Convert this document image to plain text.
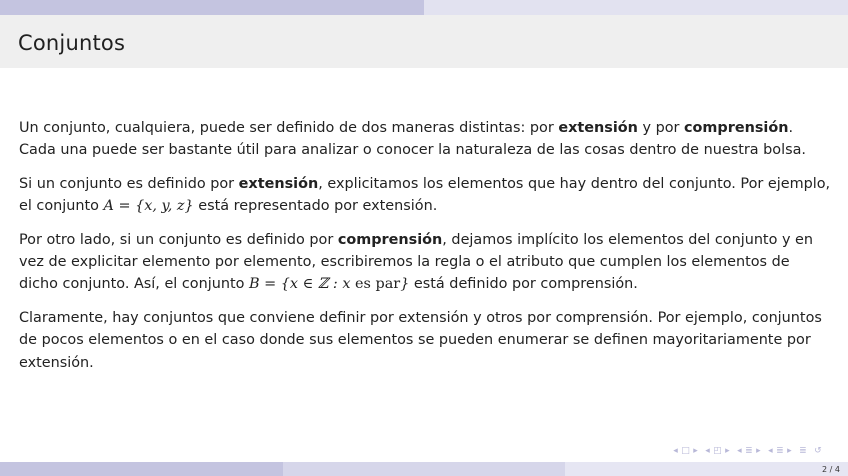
Conjuntos

Un conjunto, cualquiera, puede ser definido de dos maneras distintas: por extensión y por comprensión. Cada una puede ser bastante útil para analizar o conocer la naturaleza de las cosas dentro de nuestra bolsa.

Si un conjunto es definido por extensión, explicitamos los elementos que hay dentro del conjunto. Por ejemplo, el conjunto A = {x, y, z} está representado por extensión.

Por otro lado, si un conjunto es definido por comprensión, dejamos implícito los elementos del conjunto y en vez de explicitar elemento por elemento, escribiremos la regla o el atributo que cumplen los elementos de dicho conjunto. Así, el conjunto B = {x ∈ ℤ : x es par} está definido por comprensión.

Claramente, hay conjuntos que conviene definir por extensión y otros por comprensión. Por ejemplo, conjuntos de pocos elementos o en el caso donde sus elementos se pueden enumerar se definen mayoritariamente por extensión.

◂ □ ▸ ◂ ◰ ▸ ◂ ≣ ▸ ◂ ≣ ▸ ≣ ↺
2 / 4
